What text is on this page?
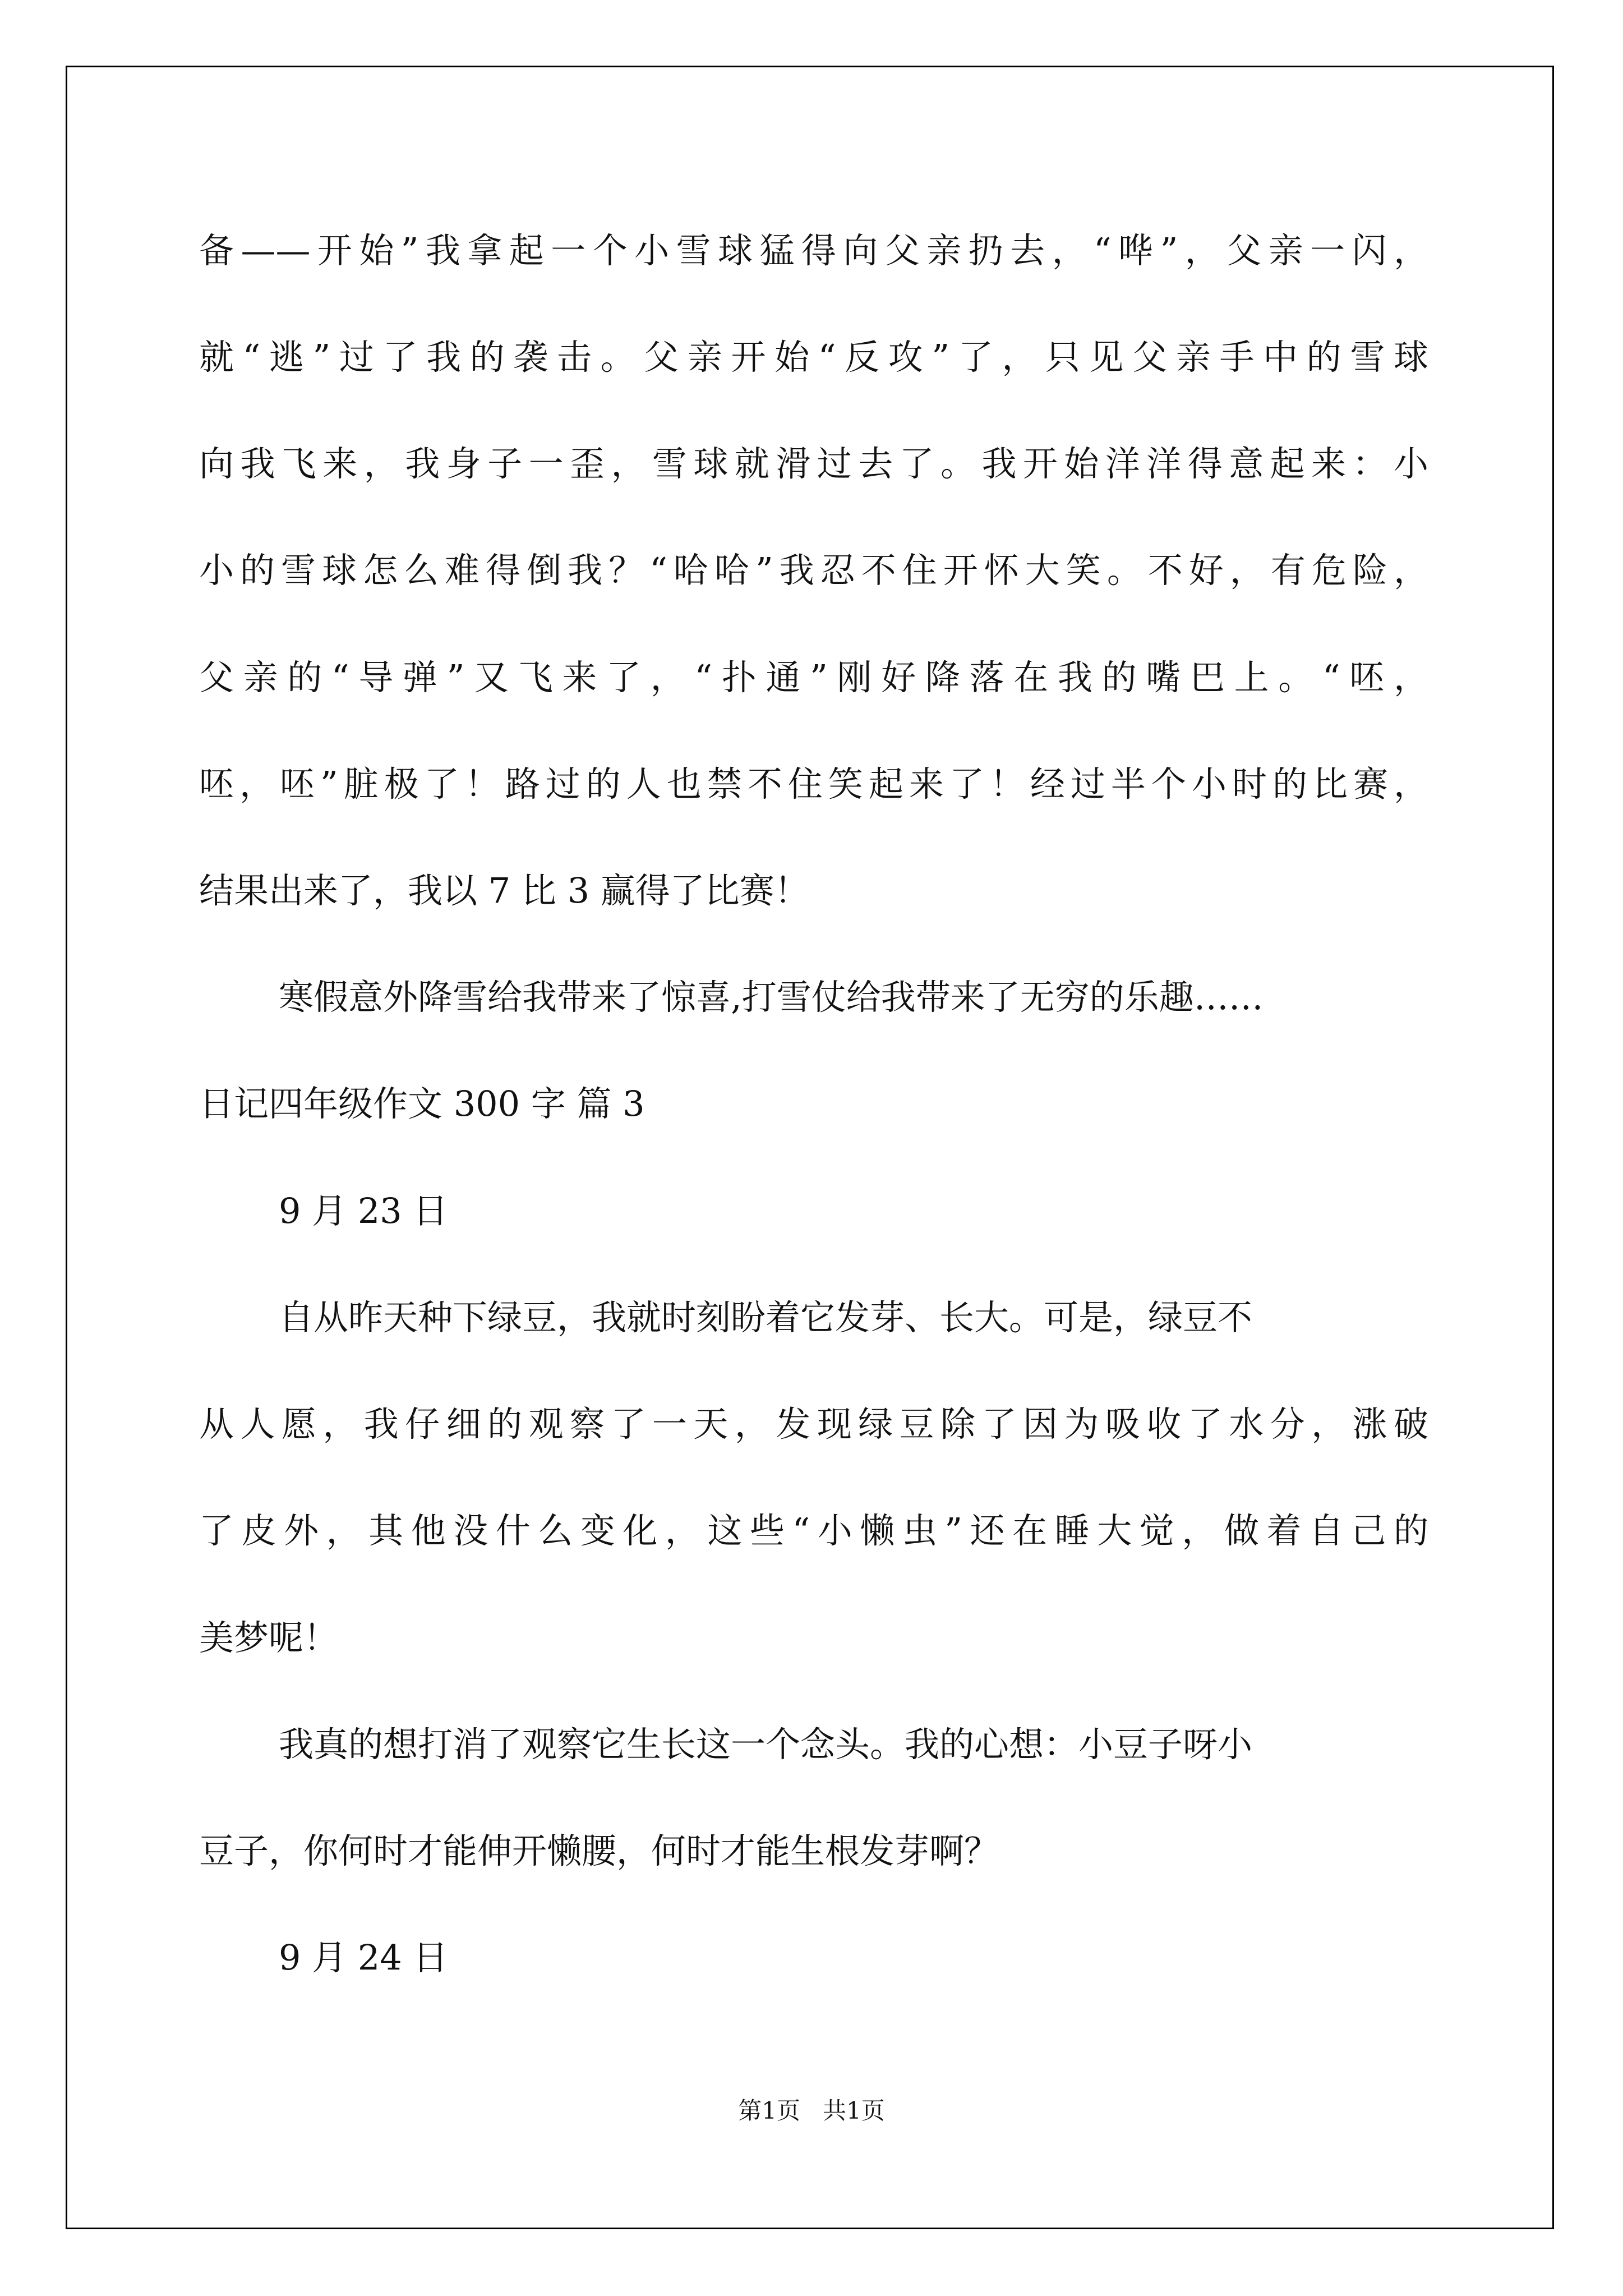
备——开始”我拿起一个小雪球猛得向父亲扔去，“哗”，父亲一闪，

就“逃”过了我的袭击。父亲开始“反攻”了，只见父亲手中的雪球

向我飞来，我身子一歪，雪球就滑过去了。我开始洋洋得意起来：小

小的雪球怎么难得倒我？“哈哈”我忍不住开怀大笑。不好，有危险，

父亲的“导弹”又飞来了，“扑通”刚好降落在我的嘴巴上。“呸，

呸，呸”脏极了！路过的人也禁不住笑起来了！经过半个小时的比赛，

结果出来了，我以 7 比 3 赢得了比赛！

寒假意外降雪给我带来了惊喜,打雪仗给我带来了无穷的乐趣……

日记四年级作文 300 字 篇 3

9 月 23 日

自从昨天种下绿豆，我就时刻盼着它发芽、长大。可是，绿豆不

从人愿，我仔细的观察了一天，发现绿豆除了因为吸收了水分，涨破

了皮外，其他没什么变化，这些“小懒虫”还在睡大觉，做着自己的

美梦呢！

我真的想打消了观察它生长这一个念头。我的心想：小豆子呀小

豆子，你何时才能伸开懒腰，何时才能生根发芽啊？

9 月 24 日

第1页   共1页
